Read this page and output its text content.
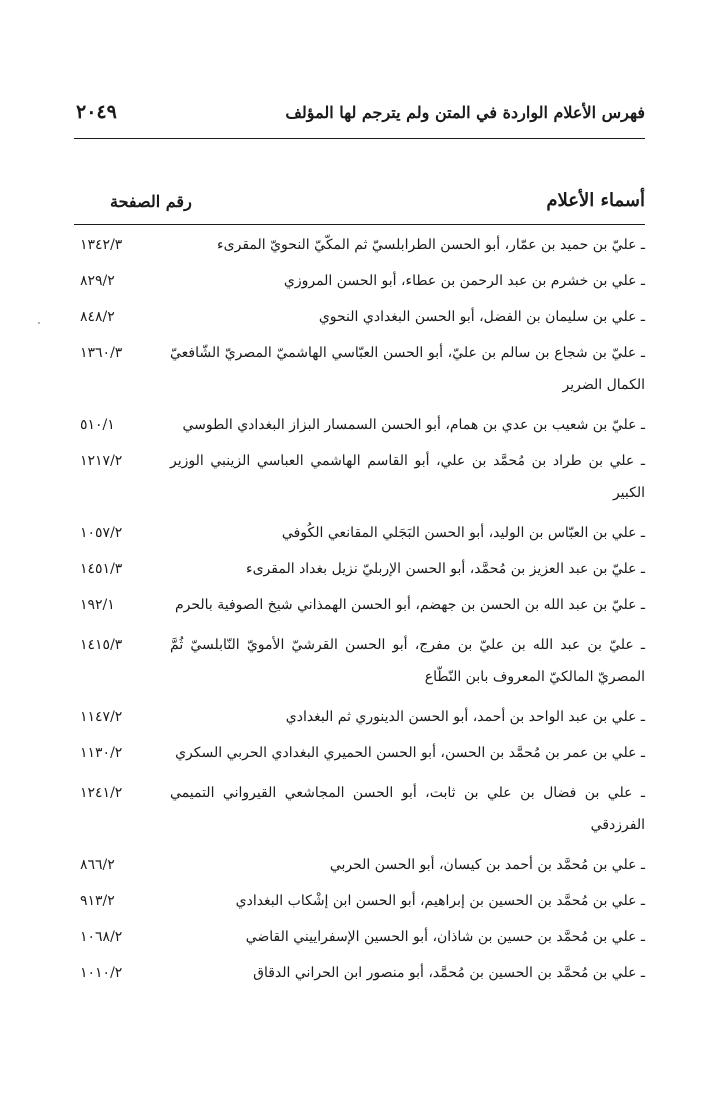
فهرس الأعلام الواردة في المتن ولم يترجم لها المؤلف
٢٠٤٩
أسماء الأعلام
رقم الصفحة
ـ عليّ بن حميد بن عمّار، أبو الحسن الطرابلسيّ ثم المكّيّ النحويّ المقرىء
١٣٤٢/٣
ـ علي بن خشرم بن عبد الرحمن بن عطاء، أبو الحسن المروزي
٨٢٩/٢
ـ علي بن سليمان بن الفضل، أبو الحسن البغدادي النحوي
٨٤٨/٢
ـ عليّ بن شجاع بن سالم بن عليّ، أبو الحسن العبّاسي الهاشميّ المصريّ الشّافعيّ الكمال الضرير
١٣٦٠/٣
ـ عليّ بن شعيب بن عدي بن همام، أبو الحسن السمسار البزاز البغدادي الطوسي
٥١٠/١
ـ علي بن طراد بن مُحمَّد بن علي، أبو القاسم الهاشمي العباسي الزينبي الوزير الكبير
١٢١٧/٢
ـ علي بن العبّاس بن الوليد، أبو الحسن البَجَلي المقانعي الكُوفي
١٠٥٧/٢
ـ عليّ بن عبد العزيز بن مُحمَّد، أبو الحسن الإربليّ نزيل بغداد المقرىء
١٤٥١/٣
ـ عليّ بن عبد الله بن الحسن بن جهضم، أبو الحسن الهمذاني شيخ الصوفية بالحرم
١٩٢/١
ـ عليّ بن عبد الله بن عليّ بن مفرج، أبو الحسن القرشيّ الأمويّ النّابلسيّ ثُمَّ المصريّ المالكيّ المعروف بابن النّطّاع
١٤١٥/٣
ـ علي بن عبد الواحد بن أحمد، أبو الحسن الدينوري ثم البغدادي
١١٤٧/٢
ـ علي بن عمر بن مُحمَّد بن الحسن، أبو الحسن الحميري البغدادي الحربي السكري
١١٣٠/٢
ـ علي بن فضال بن علي بن ثابت، أبو الحسن المجاشعي القيرواني التميمي الفرزدقي
١٢٤١/٢
ـ علي بن مُحمَّد بن أحمد بن كيسان، أبو الحسن الحربي
٨٦٦/٢
ـ علي بن مُحمَّد بن الحسين بن إبراهيم، أبو الحسن ابن إشْكاب البغدادي
٩١٣/٢
ـ علي بن مُحمَّد بن حسين بن شاذان، أبو الحسين الإسفراييني القاضي
١٠٦٨/٢
ـ علي بن مُحمَّد بن الحسين بن مُحمَّد، أبو منصور ابن الحراني الدقاق
١٠١٠/٢
